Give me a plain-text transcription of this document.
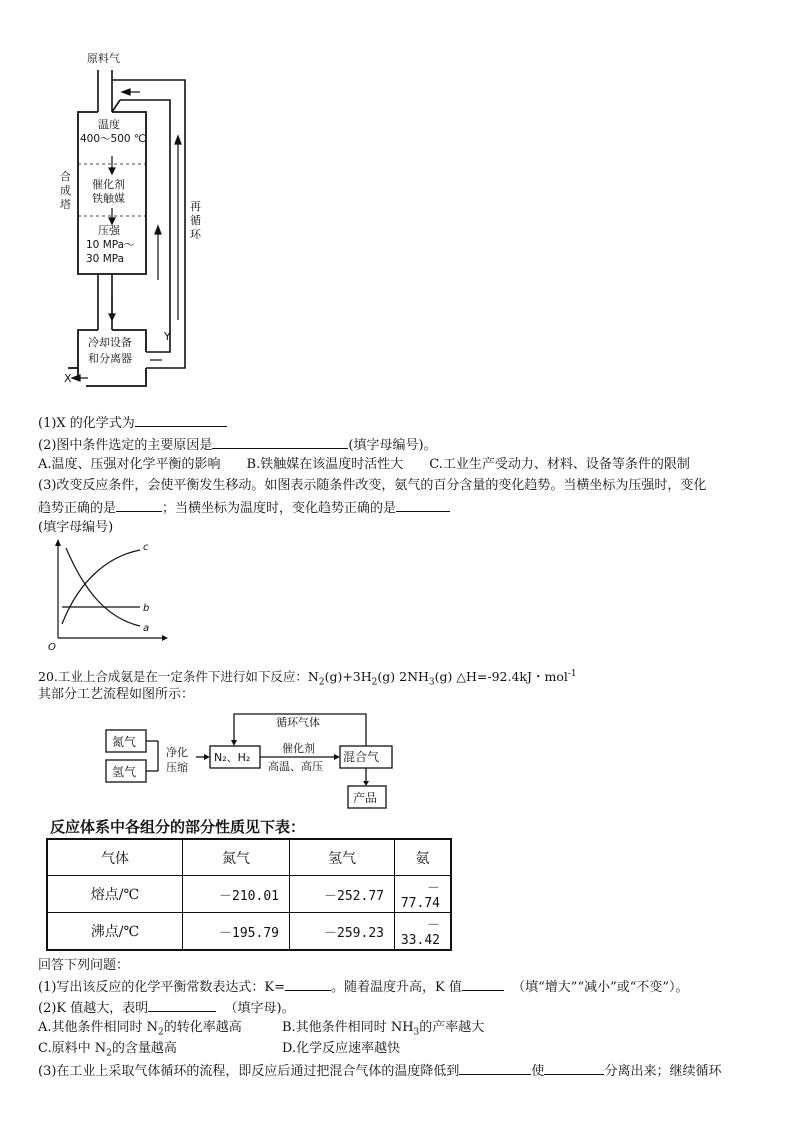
原料气
温度
400～500 ℃
催化剂
铁触媒
压强
10 MPa～
30 MPa
合
成
塔	再
循
环
Y
冷却设备
和分离器
X
(1)X 的化学式为
(2)图中条件选定的主要原因是	(填字母编号)。
A.温度、压强对化学平衡的影响　　B.铁触媒在该温度时活性大　　C.工业生产受动力、材料、设备等条件的限制
(3)改变反应条件，会使平衡发生移动。如图表示随条件改变，氨气的百分含量的变化趋势。当横坐标为压强时，变化
趋势正确的是	；当横坐标为温度时，变化趋势正确的是
(填字母编号)
O
c
b
a
20.工业上合成氨是在一定条件下进行如下反应：$N_2(g)+3H_2(g)$ $2NH_3(g)$ △H=-92.4kJ・mol$^{-1}$
其部分工艺流程如图所示：
氮气
氢气
净化
压缩
N₂、H₂
循环气体
催化剂
高温、高压
混合气
产品
反应体系中各组分的部分性质见下表：
气体	氮气	氢气	氨
熔点/℃	－210.01	－252.77	－77.74
沸点/℃	－195.79	－259.23	－33.42
回答下列问题：
(1)写出该反应的化学平衡常数表达式：K=	。随着温度升高，K 值	（填“增大”“减小”或“不变”）。
(2)K 值越大，表明	（填字母)。
A.其他条件相同时 $N_2$的转化率越高	B.其他条件相同时 $NH_3$的产率越大
C.原料中 $N_2$的含量越高	D.化学反应速率越快
(3)在工业上采取气体循环的流程，即反应后通过把混合气体的温度降低到	使	分离出来；继续循环
